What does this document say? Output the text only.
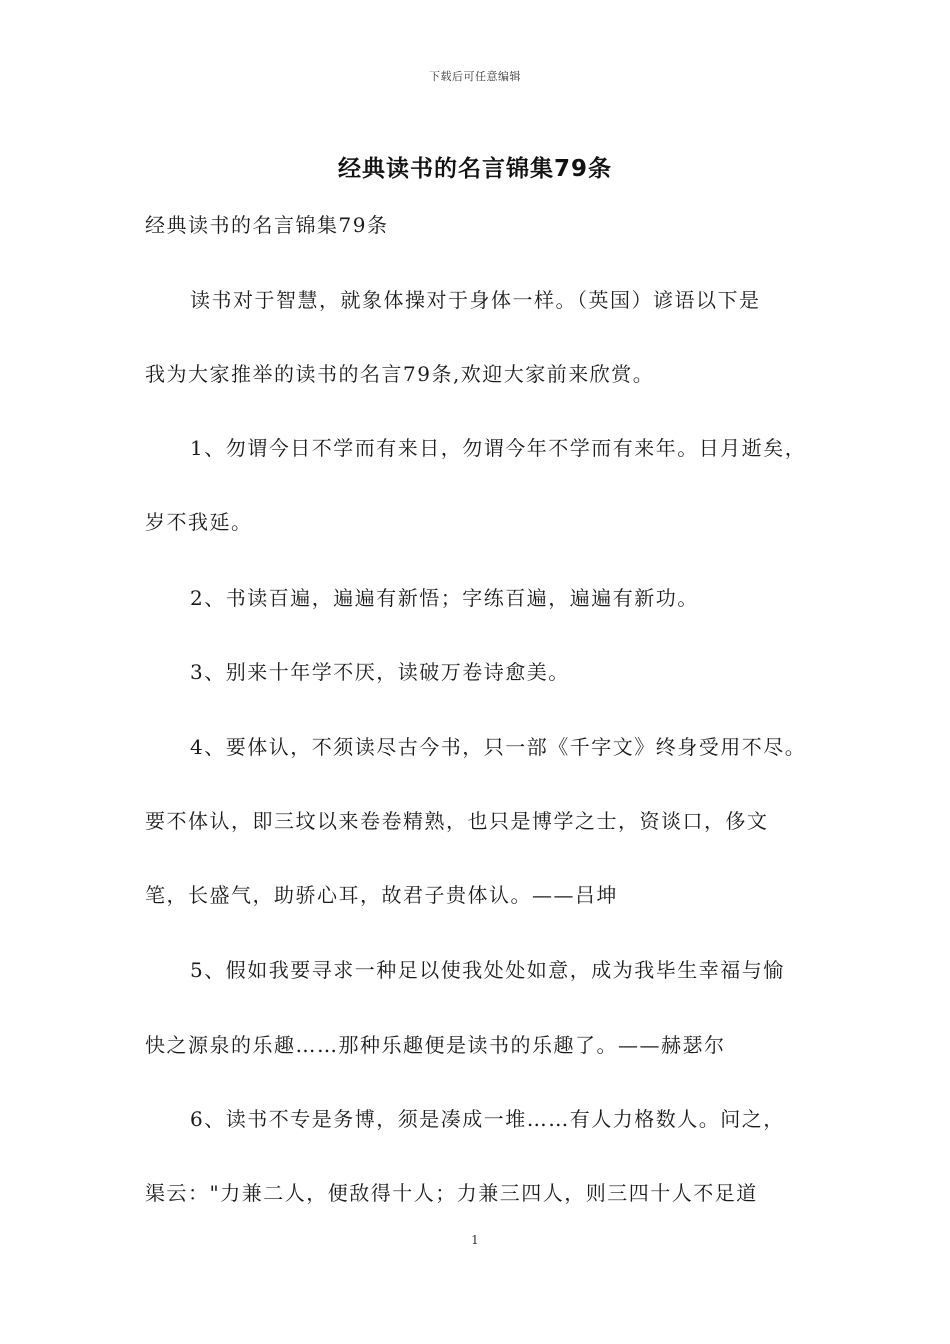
下载后可任意编辑
经典读书的名言锦集79条
经典读书的名言锦集79条
读书对于智慧，就象体操对于身体一样。（英国）谚语以下是
我为大家推举的读书的名言79条,欢迎大家前来欣赏。
1、勿谓今日不学而有来日，勿谓今年不学而有来年。日月逝矣，
岁不我延。
2、书读百遍，遍遍有新悟；字练百遍，遍遍有新功。
3、别来十年学不厌，读破万卷诗愈美。
4、要体认，不须读尽古今书，只一部《千字文》终身受用不尽。
要不体认，即三坟以来卷卷精熟，也只是博学之士，资谈口，侈文
笔，长盛气，助骄心耳，故君子贵体认。——吕坤
5、假如我要寻求一种足以使我处处如意，成为我毕生幸福与愉
快之源泉的乐趣……那种乐趣便是读书的乐趣了。——赫瑟尔
6、读书不专是务博，须是凑成一堆……有人力格数人。问之，
渠云："力兼二人，便敌得十人；力兼三四人，则三四十人不足道
1
